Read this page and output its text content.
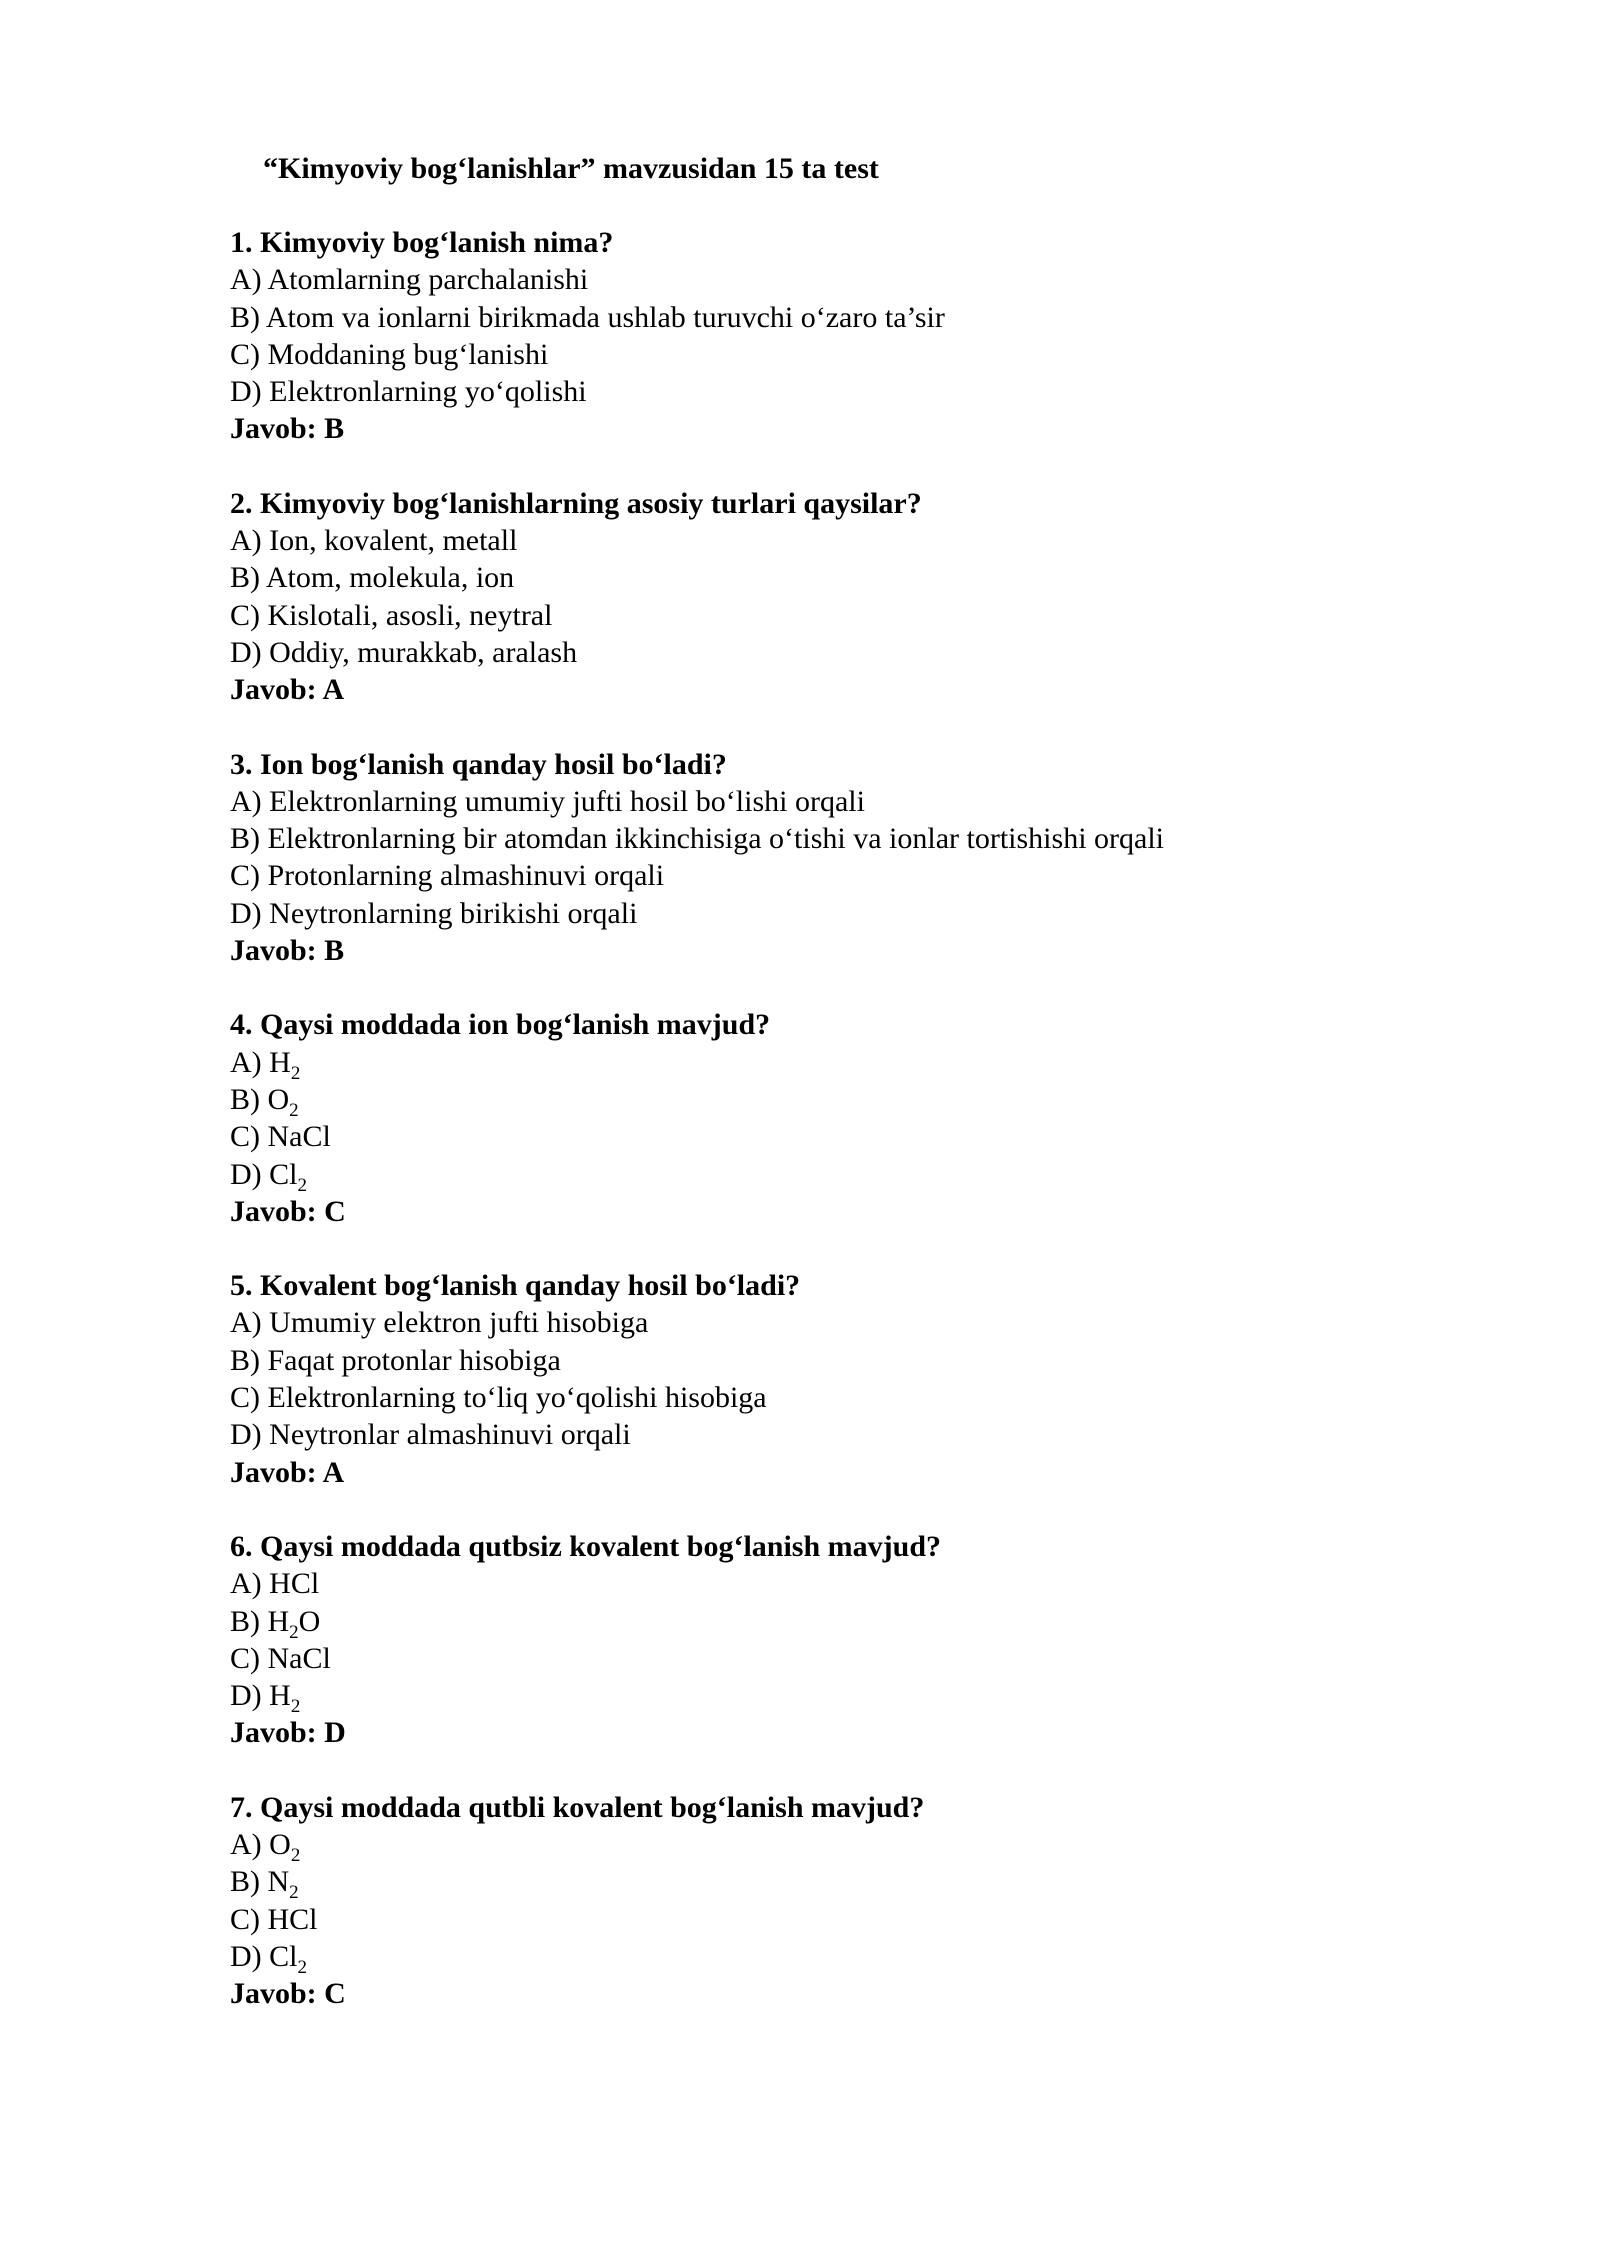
“Kimyoviy bog‘lanishlar” mavzusidan 15 ta test
1. Kimyoviy bog‘lanish nima?
A) Atomlarning parchalanishi
B) Atom va ionlarni birikmada ushlab turuvchi o‘zaro ta’sir
C) Moddaning bug‘lanishi
D) Elektronlarning yo‘qolishi
Javob: B
2. Kimyoviy bog‘lanishlarning asosiy turlari qaysilar?
A) Ion, kovalent, metall
B) Atom, molekula, ion
C) Kislotali, asosli, neytral
D) Oddiy, murakkab, aralash
Javob: A
3. Ion bog‘lanish qanday hosil bo‘ladi?
A) Elektronlarning umumiy jufti hosil bo‘lishi orqali
B) Elektronlarning bir atomdan ikkinchisiga o‘tishi va ionlar tortishishi orqali
C) Protonlarning almashinuvi orqali
D) Neytronlarning birikishi orqali
Javob: B
4. Qaysi moddada ion bog‘lanish mavjud?
A) $H_2$
B) $O_2$
C) NaCl
D) $Cl_2$
Javob: C
5. Kovalent bog‘lanish qanday hosil bo‘ladi?
A) Umumiy elektron jufti hisobiga
B) Faqat protonlar hisobiga
C) Elektronlarning to‘liq yo‘qolishi hisobiga
D) Neytronlar almashinuvi orqali
Javob: A
6. Qaysi moddada qutbsiz kovalent bog‘lanish mavjud?
A) HCl
B) $H_2O$
C) NaCl
D) $H_2$
Javob: D
7. Qaysi moddada qutbli kovalent bog‘lanish mavjud?
A) $O_2$
B) $N_2$
C) HCl
D) $Cl_2$
Javob: C
